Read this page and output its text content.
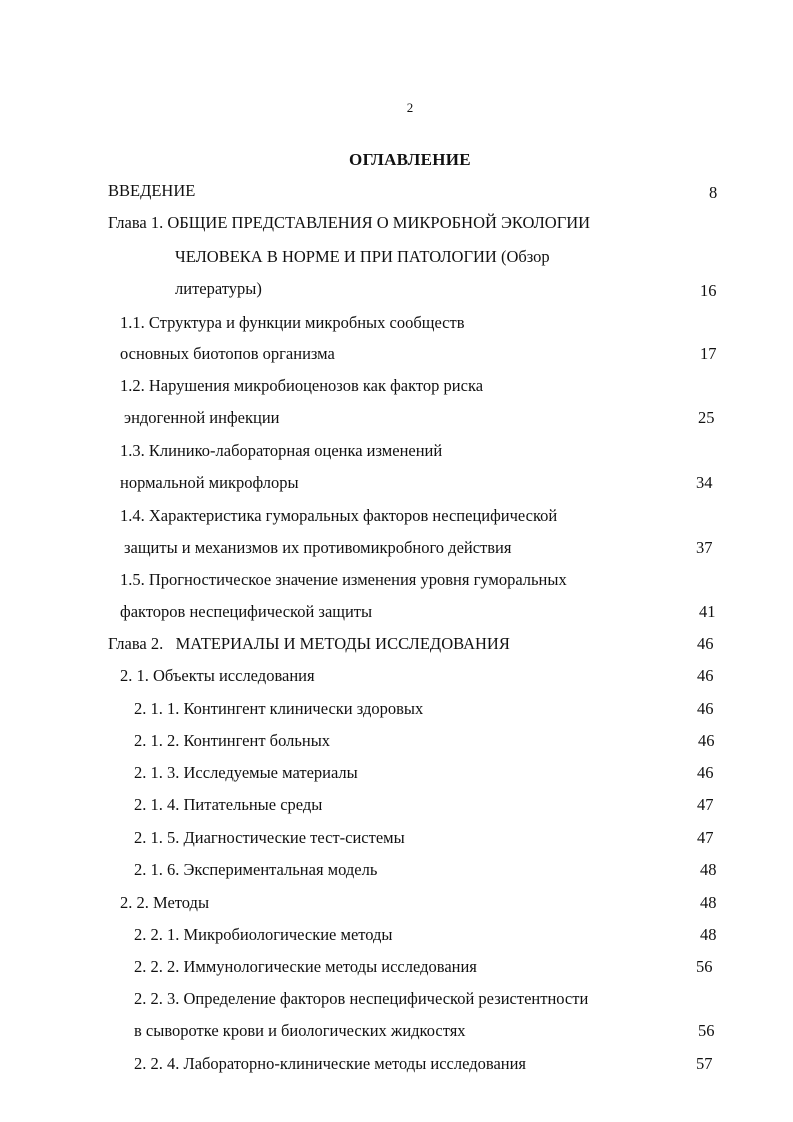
2
ОГЛАВЛЕНИЕ
ВВЕДЕНИЕ	8
Глава 1. ОБЩИЕ ПРЕДСТАВЛЕНИЯ О МИКРОБНОЙ ЭКОЛОГИИ
ЧЕЛОВЕКА В НОРМЕ И ПРИ ПАТОЛОГИИ (Обзор
литературы)	16
1.1. Структура и функции микробных сообществ
основных биотопов организма	17
1.2. Нарушения микробиоценозов как фактор риска
эндогенной инфекции	25
1.3. Клинико-лабораторная оценка изменений
нормальной микрофлоры	34
1.4. Характеристика гуморальных факторов неспецифической
защиты и механизмов их противомикробного действия	37
1.5. Прогностическое значение изменения уровня гуморальных
факторов неспецифической защиты	41
Глава 2.   МАТЕРИАЛЫ И МЕТОДЫ ИССЛЕДОВАНИЯ	46
2. 1. Объекты исследования	46
2. 1. 1. Контингент клинически здоровых	46
2. 1. 2. Контингент больных	46
2. 1. 3. Исследуемые материалы	46
2. 1. 4. Питательные среды	47
2. 1. 5. Диагностические тест-системы	47
2. 1. 6. Экспериментальная модель	48
2. 2. Методы	48
2. 2. 1. Микробиологические методы	48
2. 2. 2. Иммунологические методы исследования	56
2. 2. 3. Определение факторов неспецифической резистентности
в сыворотке крови и биологических жидкостях	56
2. 2. 4. Лабораторно-клинические методы исследования	57
